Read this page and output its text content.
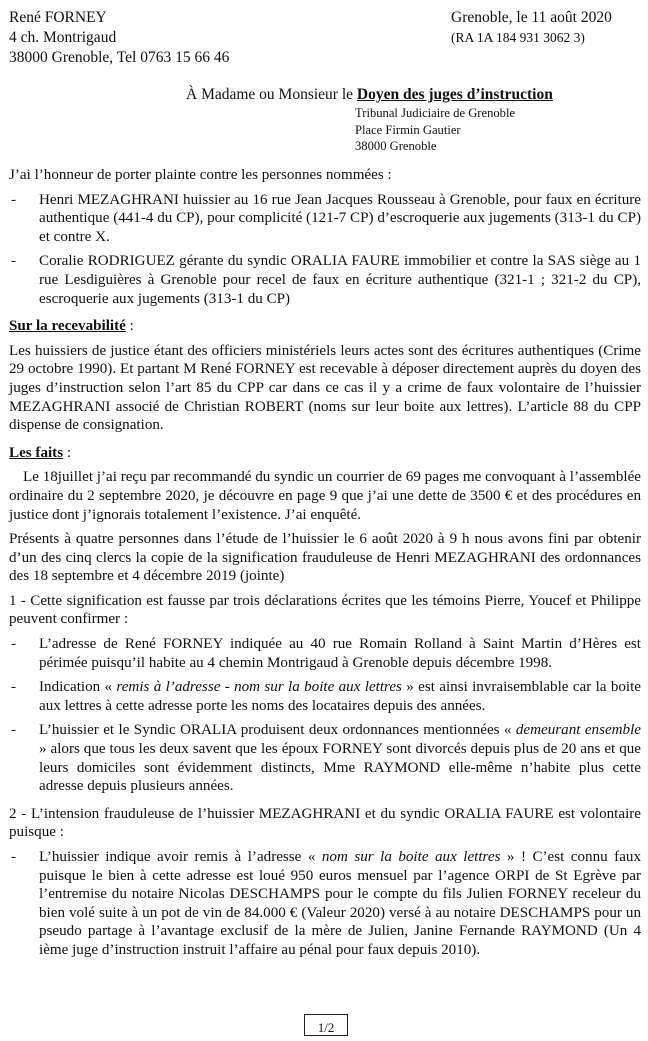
René FORNEY
4 ch. Montrigaud
38000 Grenoble, Tel 0763 15 66 46
Grenoble, le 11 août 2020
(RA 1A 184 931 3062 3)
À Madame ou Monsieur le Doyen des juges d’instruction
Tribunal Judiciaire de Grenoble
Place Firmin Gautier
38000 Grenoble

J’ai l’honneur de porter plainte contre les personnes nommées :

-	Henri MEZAGHRANI huissier au 16 rue Jean Jacques Rousseau à Grenoble, pour faux en écriture authentique (441-4 du CP), pour complicité (121-7 CP) d’escroquerie aux jugements (313-1 du CP) et contre X.
-	Coralie RODRIGUEZ gérante du syndic ORALIA FAURE immobilier et contre la SAS siège au 1 rue Lesdiguières à Grenoble pour recel de faux en écriture authentique (321-1 ; 321-2 du CP), escroquerie aux jugements (313-1 du CP)
Sur la recevabilité :

Les huissiers de justice étant des officiers ministériels leurs actes sont des écritures authentiques (Crime 29 octobre 1990). Et partant M René FORNEY est recevable à déposer directement auprès du doyen des juges d’instruction selon l’art 85 du CPP car dans ce cas il y a crime de faux volontaire de l’huissier MEZAGHRANI associé de Christian ROBERT (noms sur leur boite aux lettres). L’article 88 du CPP dispense de consignation.

Les faits :

Le 18juillet j’ai reçu par recommandé du syndic un courrier de 69 pages me convoquant à l’assemblée ordinaire du 2 septembre 2020, je découvre en page 9 que j’ai une dette de 3500 € et des procédures en justice dont j’ignorais totalement l’existence. J’ai enquêté.

Présents à quatre personnes dans l’étude de l’huissier le 6 août 2020 à 9 h nous avons fini par obtenir d’un des cinq clercs la copie de la signification frauduleuse de Henri MEZAGHRANI des ordonnances des 18 septembre et 4 décembre 2019 (jointe)

1 - Cette signification est fausse par trois déclarations écrites que les témoins Pierre, Youcef et Philippe peuvent confirmer :

-	L’adresse de René FORNEY indiquée au 40 rue Romain Rolland à Saint Martin d’Hères est périmée puisqu’il habite au 4 chemin Montrigaud à Grenoble depuis décembre 1998.
-	Indication « remis à l’adresse - nom sur la boite aux lettres » est ainsi invraisemblable car la boite aux lettres à cette adresse porte les noms des locataires depuis des années.
-	L’huissier et le Syndic ORALIA produisent deux ordonnances mentionnées « demeurant ensemble » alors que tous les deux savent que les époux FORNEY sont divorcés depuis plus de 20 ans et que leurs domiciles sont évidemment distincts, Mme RAYMOND elle-même n’habite plus cette adresse depuis plusieurs années.

2 - L’intension frauduleuse de l’huissier MEZAGHRANI et du syndic ORALIA FAURE est volontaire puisque :

-	L’huissier indique avoir remis à l’adresse « nom sur la boite aux lettres » ! C’est connu faux puisque le bien à cette adresse est loué 950 euros mensuel par l’agence ORPI de St Egrève par l’entremise du notaire Nicolas DESCHAMPS pour le compte du fils Julien FORNEY receleur du bien volé suite à un pot de vin de 84.000 € (Valeur 2020) versé à au notaire DESCHAMPS pour un pseudo partage à l’avantage exclusif de la mère de Julien, Janine Fernande RAYMOND (Un 4 ième juge d’instruction instruit l’affaire au pénal pour faux depuis 2010).
1/2
